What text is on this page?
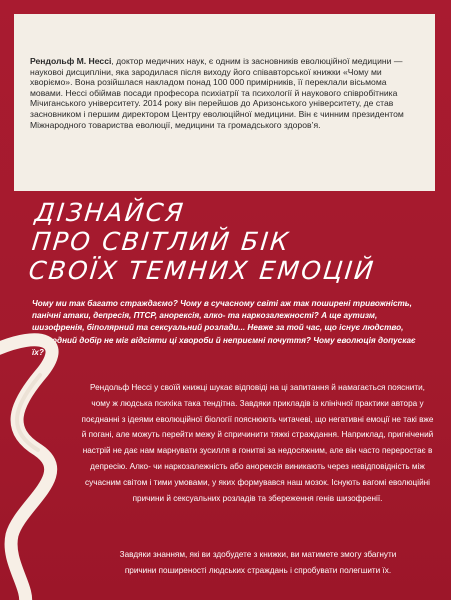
Рендольф М. Нессі, доктор медичних наук, є одним із засновників еволюційної медицини — науковоі дисципліни, яка зародилася після виходу його співавторської книжки «Чому ми хворіємо». Вона розійшлася накладом понад 100 000 примірників, її переклали вісьмома мовами. Нессі обіймав посади професора психіатріï та психології й наукового співробітника Мічиганського університету. 2014 року він перейшов до Аризонського університету, де став засновником і першим директором Центру еволюційної медицини. Він є чинним президентом Міжнародного товариства еволюції, медицини та громадського здоров’я.

ДІЗНАЙСЯ
ПРО СВІТЛИЙ БІК
СВОЇХ ТЕМНИХ ЕМОЦІЙ

Чому ми так багато страждаємо? Чому в сучасному світі аж так поширені тривожність, панічні атаки, депресія, ПТСР, анорексія, алко- та наркозалежності? А ще аутизм, шизофренія, біполярний та сексуальний розлади... Невже за той час, що існує людство, природний добір не міг відсіяти ці хвороби й неприємні почуття? Чому еволюція допускає їх?

Рендольф Нессі у своїй книжці шукає відповіді на ці запитання й намагається пояснити, чому ж людська психіка така тендітна. Завдяки прикладів із клінічної практики автора у поєднанні з ідеями еволюційної біології пояснюють читачеві, що негативні емоції не такі вже й погані, але можуть перейти межу й спричинити тяжкі страждання. Наприклад, пригнічений настрій не дає нам марнувати зусилля в гонитві за недосяжним, але він часто переростає в депресію. Алко- чи наркозалежність або анорексія виникають через невідповідність між сучасним світом і тими умовами, у яких формувався наш мозок. Існують вагомі еволюційні причини й сексуальних розладів та збереження генів шизофренії.

Завдяки знанням, які ви здобудете з книжки, ви матимете змогу збагнути причини поширеності людських страждань і спробувати полегшити їх.
